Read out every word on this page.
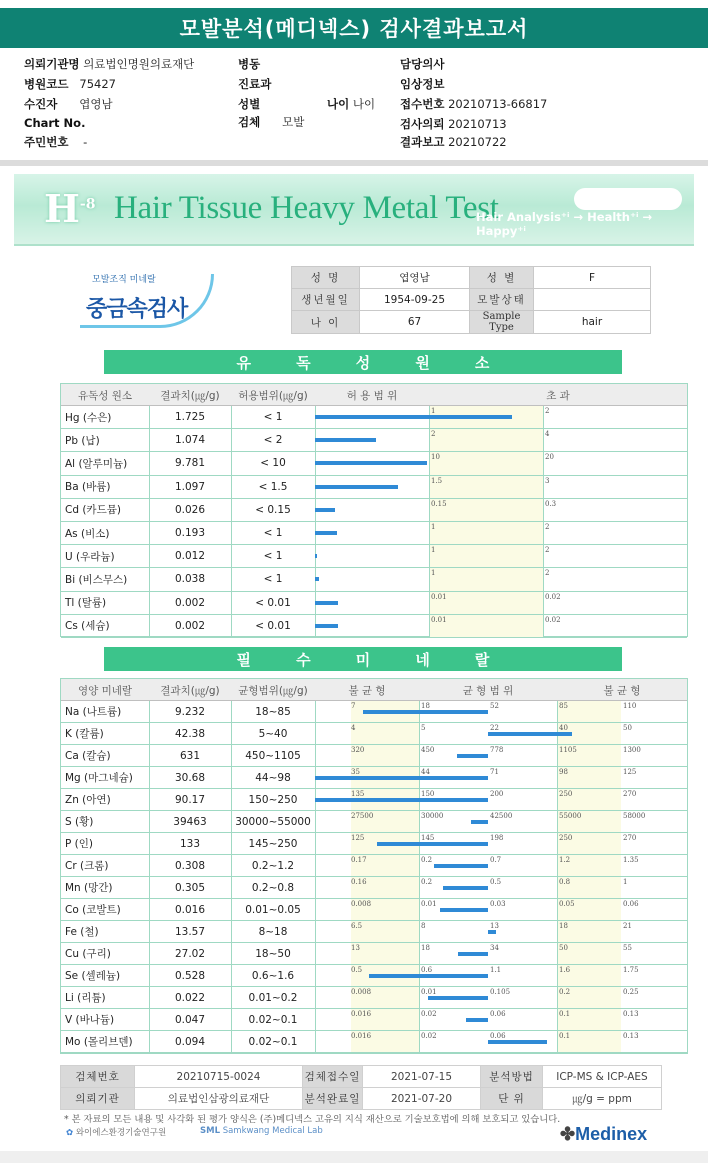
모발분석(메디넥스) 검사결과보고서
의뢰기관명 의료법인명원의료재단
병원코드 75427
수진자 엽영남
Chart No.
주민번호 -
병동
진료과
성별	나이 나이
검체 모발
담당의사
임상정보
접수번호 20210713-66817
검사의뢰 20210713
결과보고 20210722
$H^{-8}$ Hair Tissue Heavy Metal Test
Hair Analysis⁺ⁱ → Health⁺ⁱ → Happy⁺ⁱ
모발조직 미네랄
중금속검사
성 명	엽영남	성 별	F
생년월일	1954-09-25	모발상태	
나 이	67	Sample Type	hair
유	독	성	원	소
유독성 원소	결과치(㎍/g)	허용범위(㎍/g)	허 용 범 위	초 과
Hg (수은)	1.725	< 1
1	2
Pb (납)	1.074	< 2
2	4
Al (알루미늄)	9.781	< 10
10	20
Ba (바륨)	1.097	< 1.5
1.5	3
Cd (카드뮴)	0.026	< 0.15
0.15	0.3
As (비소)	0.193	< 1
1	2
U (우라늄)	0.012	< 1
1	2
Bi (비스무스)	0.038	< 1
1	2
Tl (탈륨)	0.002	< 0.01
0.01	0.02
Cs (세슘)	0.002	< 0.01
0.01	0.02
필	수	미	네	랄
영양 미네랄	결과치(㎍/g)	균형범위(㎍/g)	불 균 형	균 형 범 위	불 균 형
Na (나트륨)	9.232	18~85	7	18	52	85	110
K (칼륨)	42.38	5~40	4	5	22	40	50
Ca (칼슘)	631	450~1105	320	450	778	1105	1300
Mg (마그네슘)	30.68	44~98	35	44	71	98	125
Zn (아연)	90.17	150~250	135	150	200	250	270
S (황)	39463	30000~55000	27500	30000	42500	55000	58000
P (인)	133	145~250	125	145	198	250	270
Cr (크롬)	0.308	0.2~1.2	0.17	0.2	0.7	1.2	1.35
Mn (망간)	0.305	0.2~0.8	0.16	0.2	0.5	0.8	1
Co (코발트)	0.016	0.01~0.05	0.008	0.01	0.03	0.05	0.06
Fe (철)	13.57	8~18	6.5	8	13	18	21
Cu (구리)	27.02	18~50	13	18	34	50	55
Se (셀레늄)	0.528	0.6~1.6	0.5	0.6	1.1	1.6	1.75
Li (리튬)	0.022	0.01~0.2	0.008	0.01	0.105	0.2	0.25
V (바나듐)	0.047	0.02~0.1	0.016	0.02	0.06	0.1	0.13
Mo (몰리브덴)	0.094	0.02~0.1	0.016	0.02	0.06	0.1	0.13
검체번호	20210715-0024	검체접수일	2021-07-15	분석방법	ICP-MS & ICP-AES
의뢰기관	의료법인삼광의료재단	분석완료일	2021-07-20	단 위	㎍/g = ppm
* 본 자료의 모든 내용 및 사각화 된 평가 양식은 (주)메디넥스 고유의 지식 재산으로 기술보호법에 의해 보호되고 있습니다.
✿ 와이에스환경기술연구원	SML Samkwang Medical Lab	✤Medinex
